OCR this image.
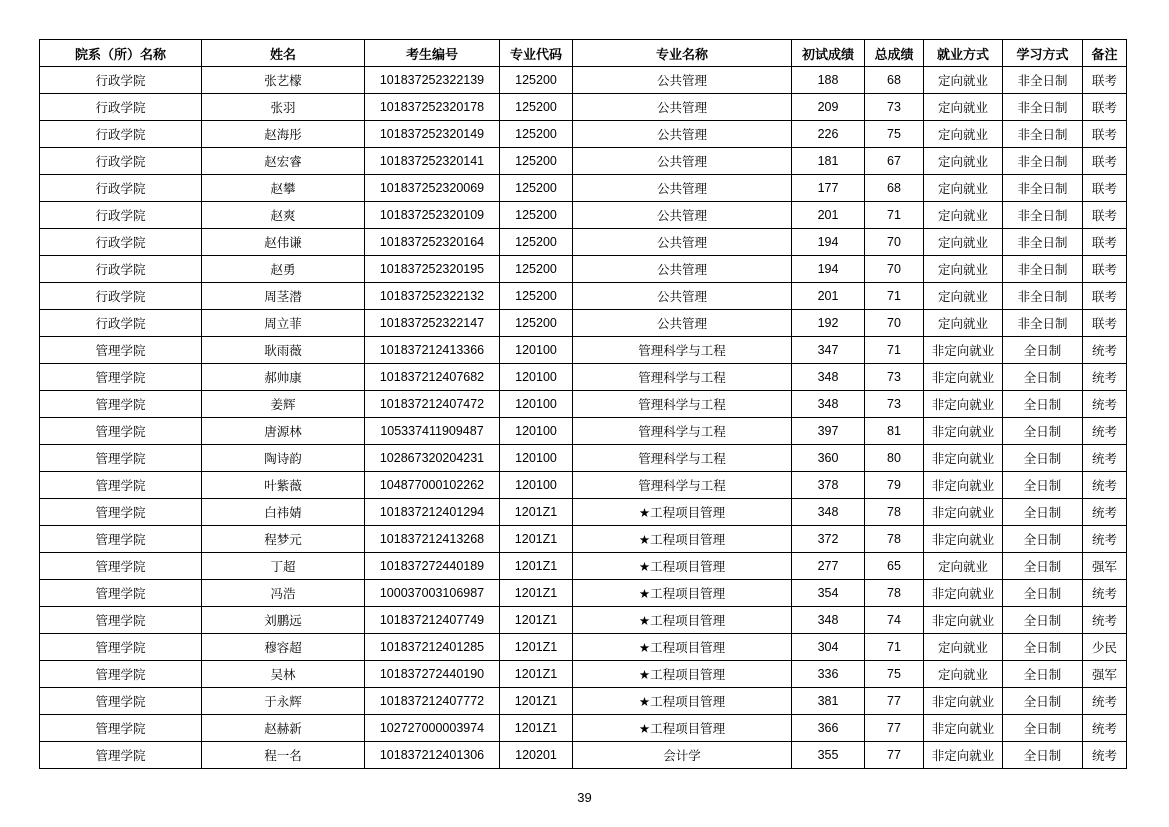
院系（所）名称	姓名	考生编号	专业代码	专业名称	初试成绩	总成绩	就业方式	学习方式	备注
行政学院	张艺檬	101837252322139	125200	公共管理	188	68	定向就业	非全日制	联考
行政学院	张羽	101837252320178	125200	公共管理	209	73	定向就业	非全日制	联考
行政学院	赵海彤	101837252320149	125200	公共管理	226	75	定向就业	非全日制	联考
行政学院	赵宏睿	101837252320141	125200	公共管理	181	67	定向就业	非全日制	联考
行政学院	赵攀	101837252320069	125200	公共管理	177	68	定向就业	非全日制	联考
行政学院	赵爽	101837252320109	125200	公共管理	201	71	定向就业	非全日制	联考
行政学院	赵伟谦	101837252320164	125200	公共管理	194	70	定向就业	非全日制	联考
行政学院	赵勇	101837252320195	125200	公共管理	194	70	定向就业	非全日制	联考
行政学院	周茎潜	101837252322132	125200	公共管理	201	71	定向就业	非全日制	联考
行政学院	周立菲	101837252322147	125200	公共管理	192	70	定向就业	非全日制	联考
管理学院	耿雨薇	101837212413366	120100	管理科学与工程	347	71	非定向就业	全日制	统考
管理学院	郝帅康	101837212407682	120100	管理科学与工程	348	73	非定向就业	全日制	统考
管理学院	姜辉	101837212407472	120100	管理科学与工程	348	73	非定向就业	全日制	统考
管理学院	唐源林	105337411909487	120100	管理科学与工程	397	81	非定向就业	全日制	统考
管理学院	陶诗韵	102867320204231	120100	管理科学与工程	360	80	非定向就业	全日制	统考
管理学院	叶紫薇	104877000102262	120100	管理科学与工程	378	79	非定向就业	全日制	统考
管理学院	白祎婧	101837212401294	1201Z1	★工程项目管理	348	78	非定向就业	全日制	统考
管理学院	程梦元	101837212413268	1201Z1	★工程项目管理	372	78	非定向就业	全日制	统考
管理学院	丁超	101837272440189	1201Z1	★工程项目管理	277	65	定向就业	全日制	强军
管理学院	冯浩	100037003106987	1201Z1	★工程项目管理	354	78	非定向就业	全日制	统考
管理学院	刘鹏远	101837212407749	1201Z1	★工程项目管理	348	74	非定向就业	全日制	统考
管理学院	穆容超	101837212401285	1201Z1	★工程项目管理	304	71	定向就业	全日制	少民
管理学院	吴林	101837272440190	1201Z1	★工程项目管理	336	75	定向就业	全日制	强军
管理学院	于永辉	101837212407772	1201Z1	★工程项目管理	381	77	非定向就业	全日制	统考
管理学院	赵赫新	102727000003974	1201Z1	★工程项目管理	366	77	非定向就业	全日制	统考
管理学院	程一名	101837212401306	120201	会计学	355	77	非定向就业	全日制	统考
39
